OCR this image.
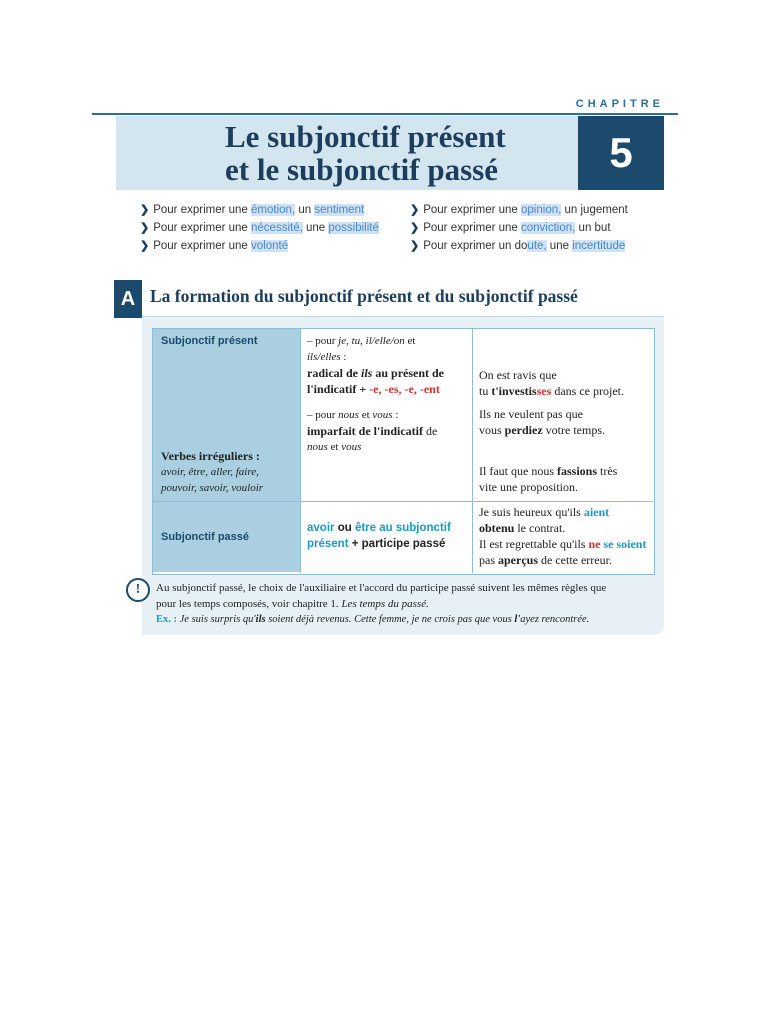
CHAPITRE
Le subjonctif présent
et le subjonctif passé	5
❯ Pour exprimer une émotion, un sentiment
❯ Pour exprimer une nécessité, une possibilité
❯ Pour exprimer une volonté
❯ Pour exprimer une opinion, un jugement
❯ Pour exprimer une conviction, un but
❯ Pour exprimer un doute, une incertitude
A La formation du subjonctif présent et du subjonctif passé
Subjonctif présent
Verbes irréguliers :
avoir, être, aller, faire,
pouvoir, savoir, vouloir
Subjonctif passé
– pour je, tu, il/elle/on et
ils/elles :
radical de ils au présent de
l'indicatif + -e, -es, -e, -ent
– pour nous et vous :
imparfait de l'indicatif de
nous et vous
avoir ou être au subjonctif
présent + participe passé
On est ravis que
tu t'investisses dans ce projet.
Ils ne veulent pas que
vous perdiez votre temps.
Il faut que nous fassions très
vite une proposition.
Je suis heureux qu'ils aient
obtenu le contrat.
Il est regrettable qu'ils ne se soient
pas aperçus de cette erreur.
!	Au subjonctif passé, le choix de l'auxiliaire et l'accord du participe passé suivent les mêmes règles que
pour les temps composés, voir chapitre 1. Les temps du passé.
Ex. : Je suis surpris qu'ils soient déjà revenus. Cette femme, je ne crois pas que vous l'ayez rencontrée.
